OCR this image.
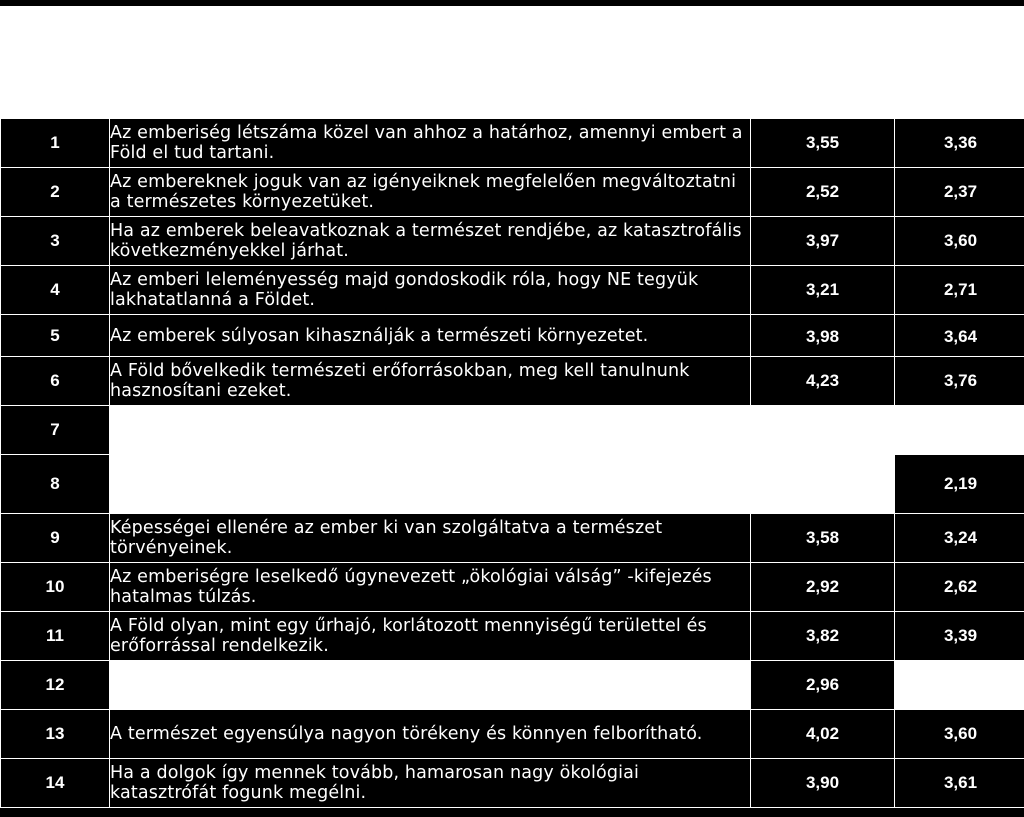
1	Az emberiség létszáma közel van ahhoz a határhoz, amennyi embert a Föld el tud tartani.	3,55	3,36
2	Az embereknek joguk van az igényeiknek megfelelően megváltoztatni a természetes környezetüket.	2,52	2,37
3	Ha az emberek beleavatkoznak a természet rendjébe, az katasztrofális következményekkel járhat.	3,97	3,60
4	Az emberi leleményesség majd gondoskodik róla, hogy NE tegyük lakhatatlanná a Földet.	3,21	2,71
5	Az emberek súlyosan kihasználják a természeti környezetet.	3,98	3,64
6	A Föld bővelkedik természeti erőforrásokban, meg kell tanulnunk hasznosítani ezeket.	4,23	3,76
7			
8			2,19
9	Képességei ellenére az ember ki van szolgáltatva a természet törvényeinek.	3,58	3,24
10	Az emberiségre leselkedő úgynevezett „ökológiai válság” -kifejezés hatalmas túlzás.	2,92	2,62
11	A Föld olyan, mint egy űrhajó, korlátozott mennyiségű területtel és erőforrással rendelkezik.	3,82	3,39
12		2,96	
13	A természet egyensúlya nagyon törékeny és könnyen felborítható.	4,02	3,60
14	Ha a dolgok így mennek tovább, hamarosan nagy ökológiai katasztrófát fogunk megélni.	3,90	3,61
